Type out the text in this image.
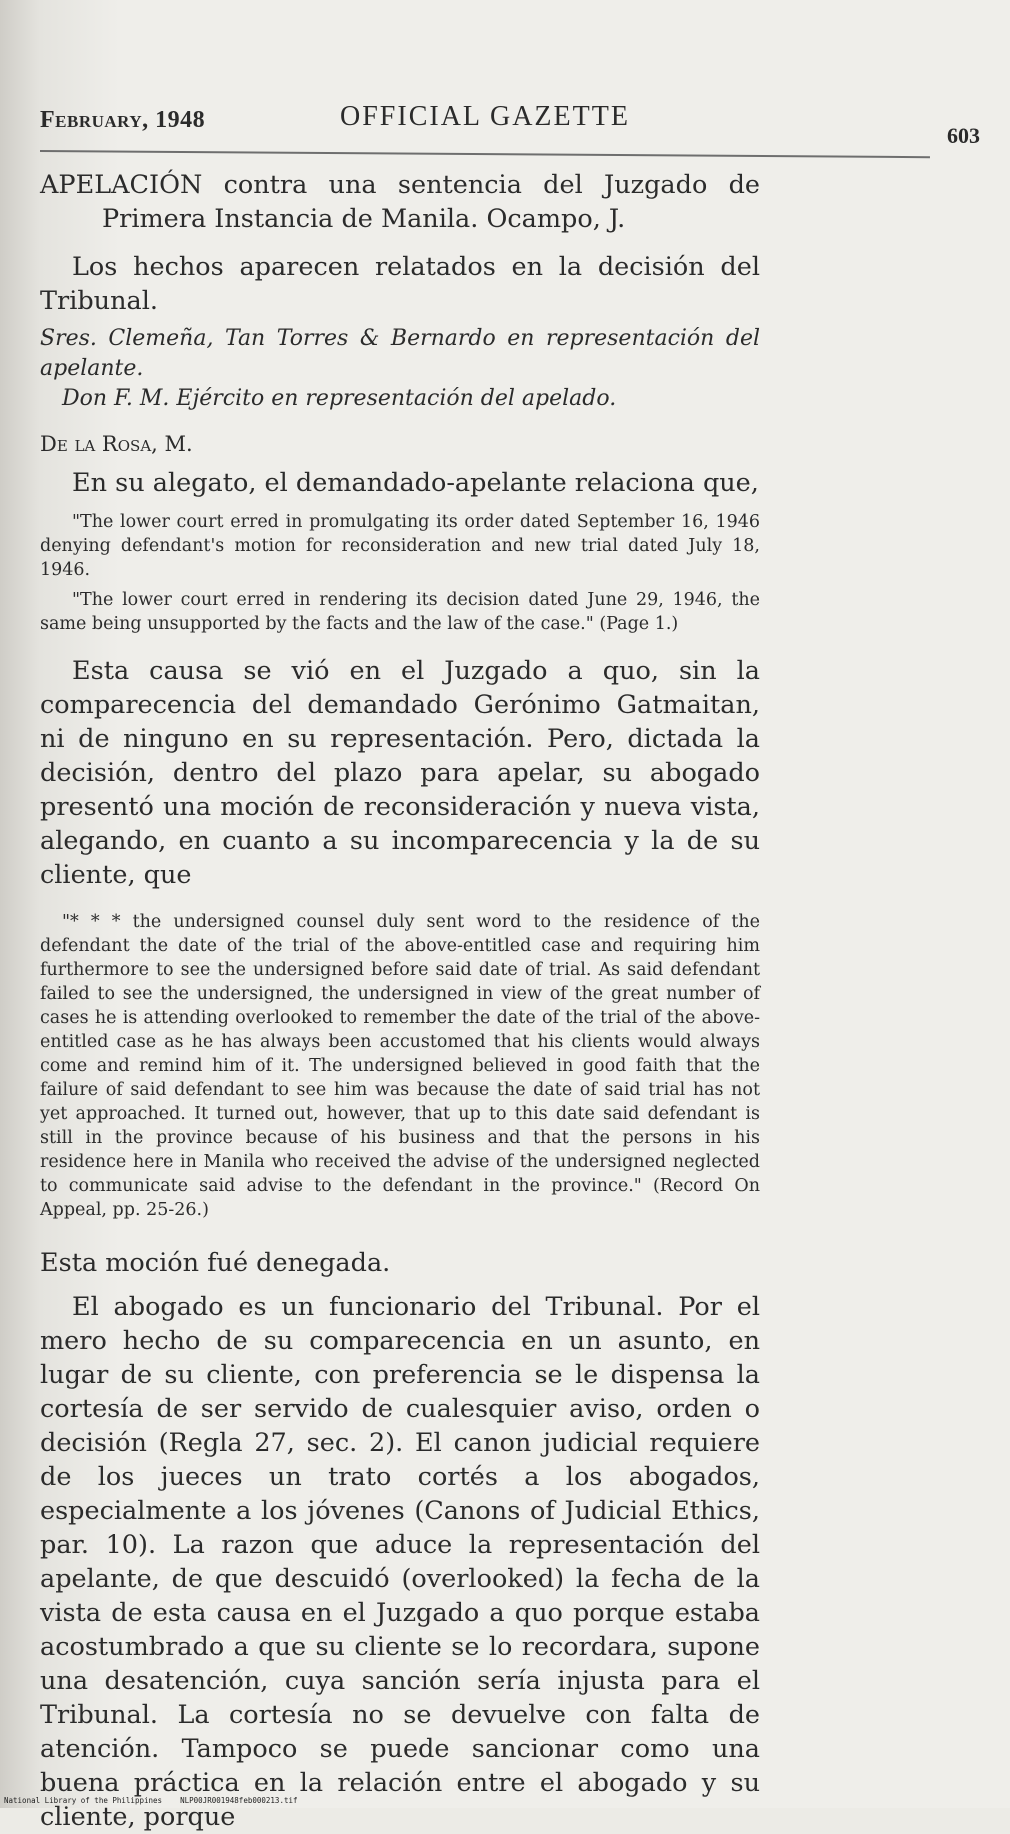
February, 1948	OFFICIAL GAZETTE
603

APELACIÓN contra una sentencia del Juzgado de Primera Instancia de Manila. Ocampo, J.

Los hechos aparecen relatados en la decisión del Tribunal.

Sres. Clemeña, Tan Torres & Bernardo en representación del apelante.

Don F. M. Ejército en representación del apelado.

De la Rosa, M.

En su alegato, el demandado-apelante relaciona que,

"The lower court erred in promulgating its order dated September 16, 1946 denying defendant's motion for reconsideration and new trial dated July 18, 1946.

"The lower court erred in rendering its decision dated June 29, 1946, the same being unsupported by the facts and the law of the case." (Page 1.)

Esta causa se vió en el Juzgado a quo, sin la comparecencia del demandado Gerónimo Gatmaitan, ni de ninguno en su representación. Pero, dictada la decisión, dentro del plazo para apelar, su abogado presentó una moción de reconsideración y nueva vista, alegando, en cuanto a su incomparecencia y la de su cliente, que

"* * * the undersigned counsel duly sent word to the residence of the defendant the date of the trial of the above-entitled case and requiring him furthermore to see the undersigned before said date of trial. As said defendant failed to see the undersigned, the undersigned in view of the great number of cases he is attending overlooked to remember the date of the trial of the above-entitled case as he has always been accustomed that his clients would always come and remind him of it. The undersigned believed in good faith that the failure of said defendant to see him was because the date of said trial has not yet approached. It turned out, however, that up to this date said defendant is still in the province because of his business and that the persons in his residence here in Manila who received the advise of the undersigned neglected to communicate said advise to the defendant in the province." (Record On Appeal, pp. 25-26.)

Esta moción fué denegada.

El abogado es un funcionario del Tribunal. Por el mero hecho de su comparecencia en un asunto, en lugar de su cliente, con preferencia se le dispensa la cortesía de ser servido de cualesquier aviso, orden o decisión (Regla 27, sec. 2). El canon judicial requiere de los jueces un trato cortés a los abogados, especialmente a los jóvenes (Canons of Judicial Ethics, par. 10). La razon que aduce la representación del apelante, de que descuidó (overlooked) la fecha de la vista de esta causa en el Juzgado a quo porque estaba acostumbrado a que su cliente se lo recordara, supone una desatención, cuya sanción sería injusta para el Tribunal. La cortesía no se devuelve con falta de atención. Tampoco se puede sancionar como una buena práctica en la relación entre el abogado y su cliente, porque

National Library of the Philippines NLP00JR001948feb000213.tif
